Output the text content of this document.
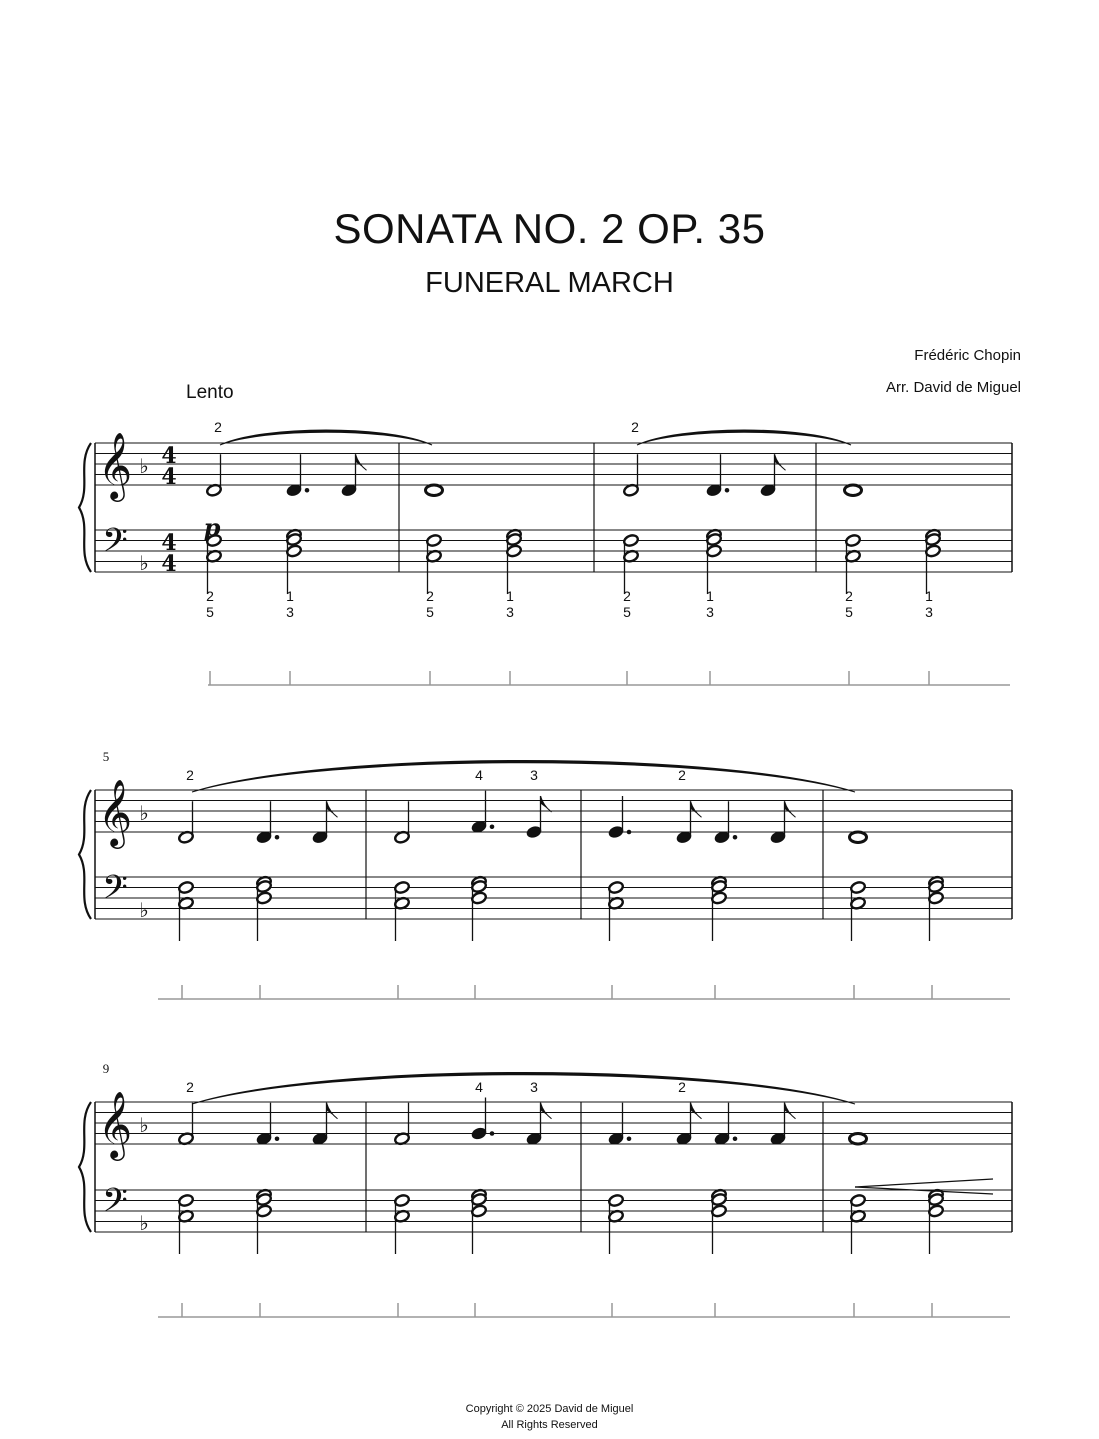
SONATA NO. 2 OP. 35
FUNERAL MARCH
Frédéric Chopin
Arr. David de Miguel
Lento
𝄞
𝄢
♭
♭
4
4
4
4
2
2
5
1
3
2
5
1
3
2
2
5
1
3
2
5
1
3
𝄞
𝄢
♭
♭
5
2	4	3	2
𝄞
𝄢
♭
♭
9
2	4	3	2
p
Copyright © 2025 David de Miguel
All Rights Reserved
